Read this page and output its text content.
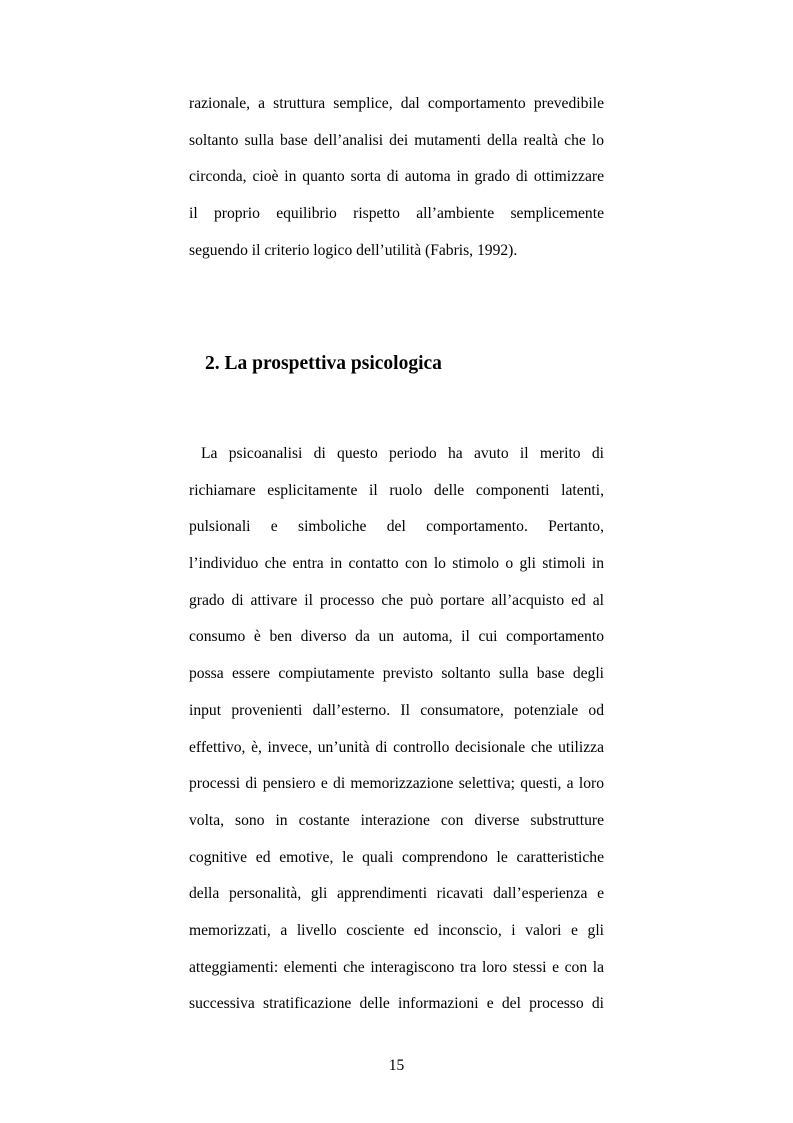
razionale, a struttura semplice, dal comportamento prevedibile
soltanto sulla base dell’analisi dei mutamenti della realtà che lo
circonda, cioè in quanto sorta di automa in grado di ottimizzare
il proprio equilibrio rispetto all’ambiente semplicemente
seguendo il criterio logico dell’utilità (Fabris, 1992).
2. La prospettiva psicologica
La psicoanalisi di questo periodo ha avuto il merito di
richiamare esplicitamente il ruolo delle componenti latenti,
pulsionali e simboliche del comportamento. Pertanto,
l’individuo che entra in contatto con lo stimolo o gli stimoli in
grado di attivare il processo che può portare all’acquisto ed al
consumo è ben diverso da un automa, il cui comportamento
possa essere compiutamente previsto soltanto sulla base degli
input provenienti dall’esterno. Il consumatore, potenziale od
effettivo, è, invece, un’unità di controllo decisionale che utilizza
processi di pensiero e di memorizzazione selettiva; questi, a loro
volta, sono in costante interazione con diverse substrutture
cognitive ed emotive, le quali comprendono le caratteristiche
della personalità, gli apprendimenti ricavati dall’esperienza e
memorizzati, a livello cosciente ed inconscio, i valori e gli
atteggiamenti: elementi che interagiscono tra loro stessi e con la
successiva stratificazione delle informazioni e del processo di
15
